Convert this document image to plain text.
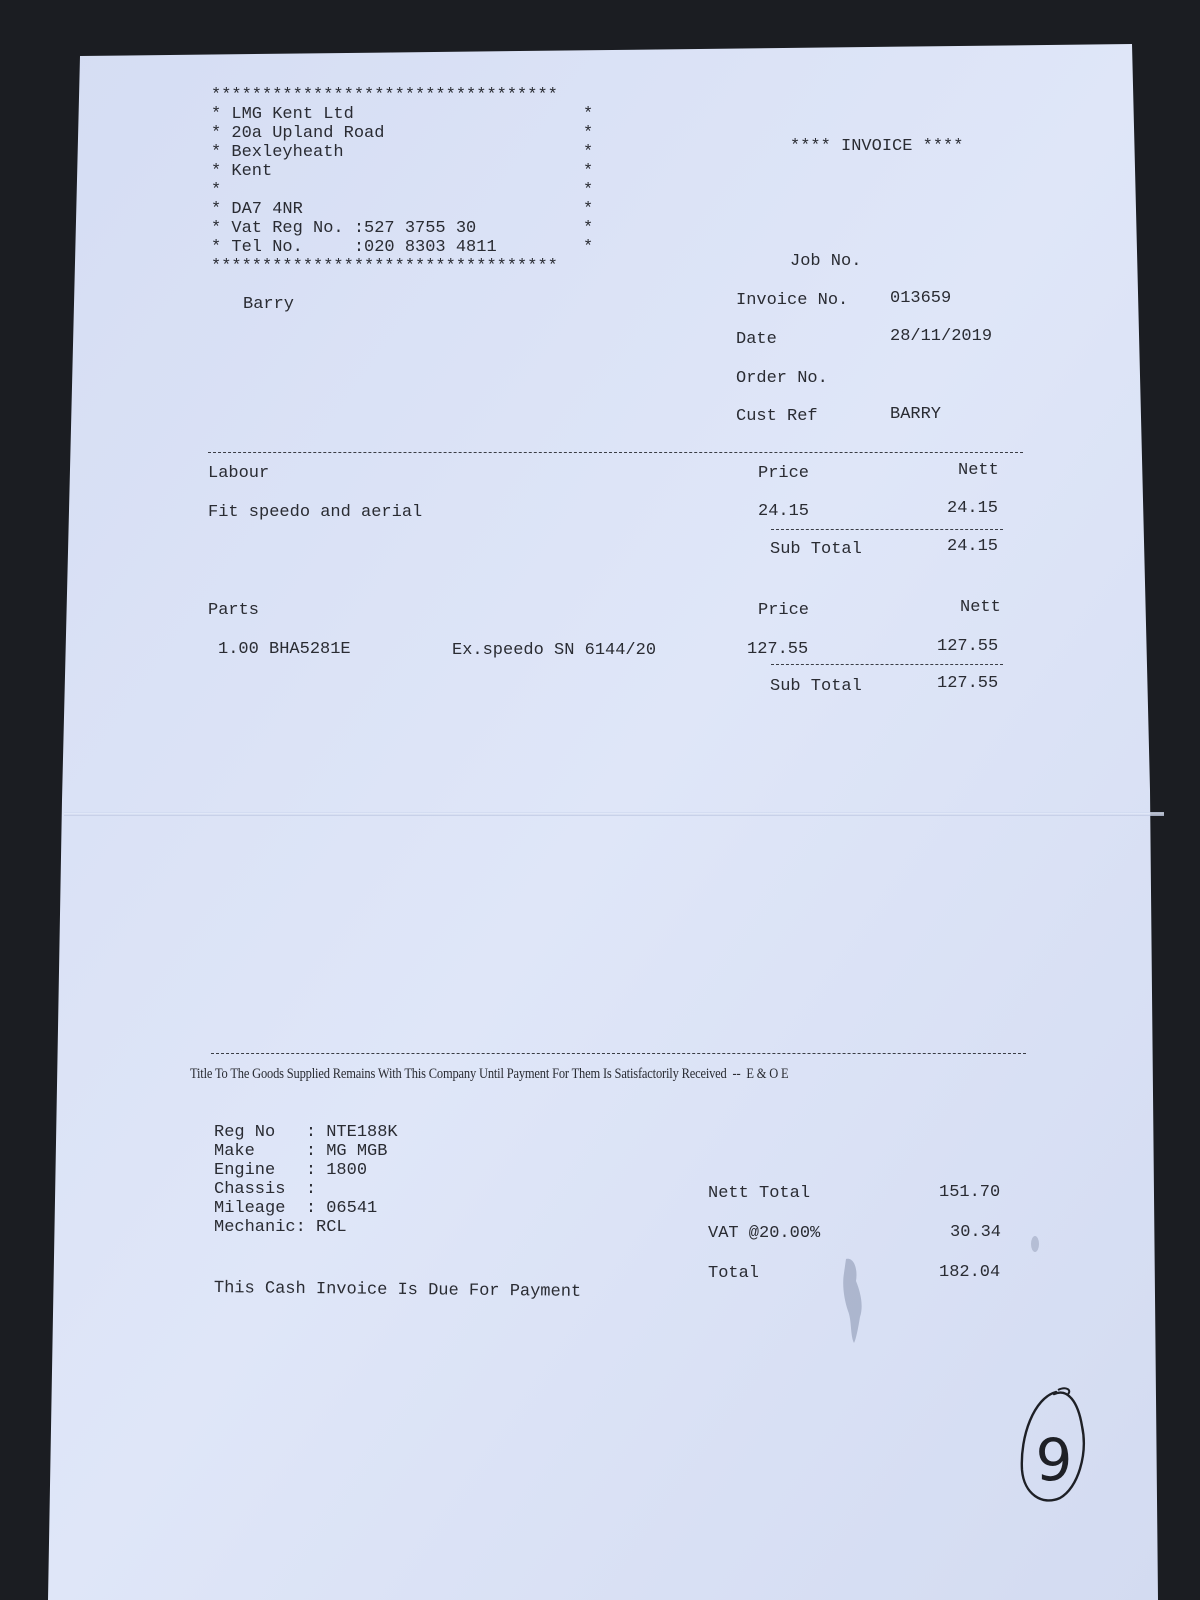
**********************************
* LMG Kent Ltd
* 20a Upland Road
* Bexleyheath
* Kent
*
* DA7 4NR
* Vat Reg No. :527 3755 30
* Tel No.     :020 8303 4811
**********************************
*
*
*
*
*
*
*
*
**** INVOICE ****
Barry
Job No.
Invoice No. 013659
Date	28/11/2019
Order No.
Cust Ref	BARRY
Labour	Price	Nett
Fit speedo and aerial	24.15	24.15
Sub Total	24.15
Parts	Price	Nett
1.00 BHA5281E	Ex.speedo SN 6144/20	127.55	127.55
Sub Total	127.55
Title To The Goods Supplied Remains With This Company Until Payment For Them Is Satisfactorily Received  --  E & O E
Reg No   : NTE188K
Make     : MG MGB
Engine   : 1800
Chassis  :
Mileage  : 06541
Mechanic: RCL
This Cash Invoice Is Due For Payment
Nett Total	151.70
VAT @20.00%	30.34
Total	182.04
9
